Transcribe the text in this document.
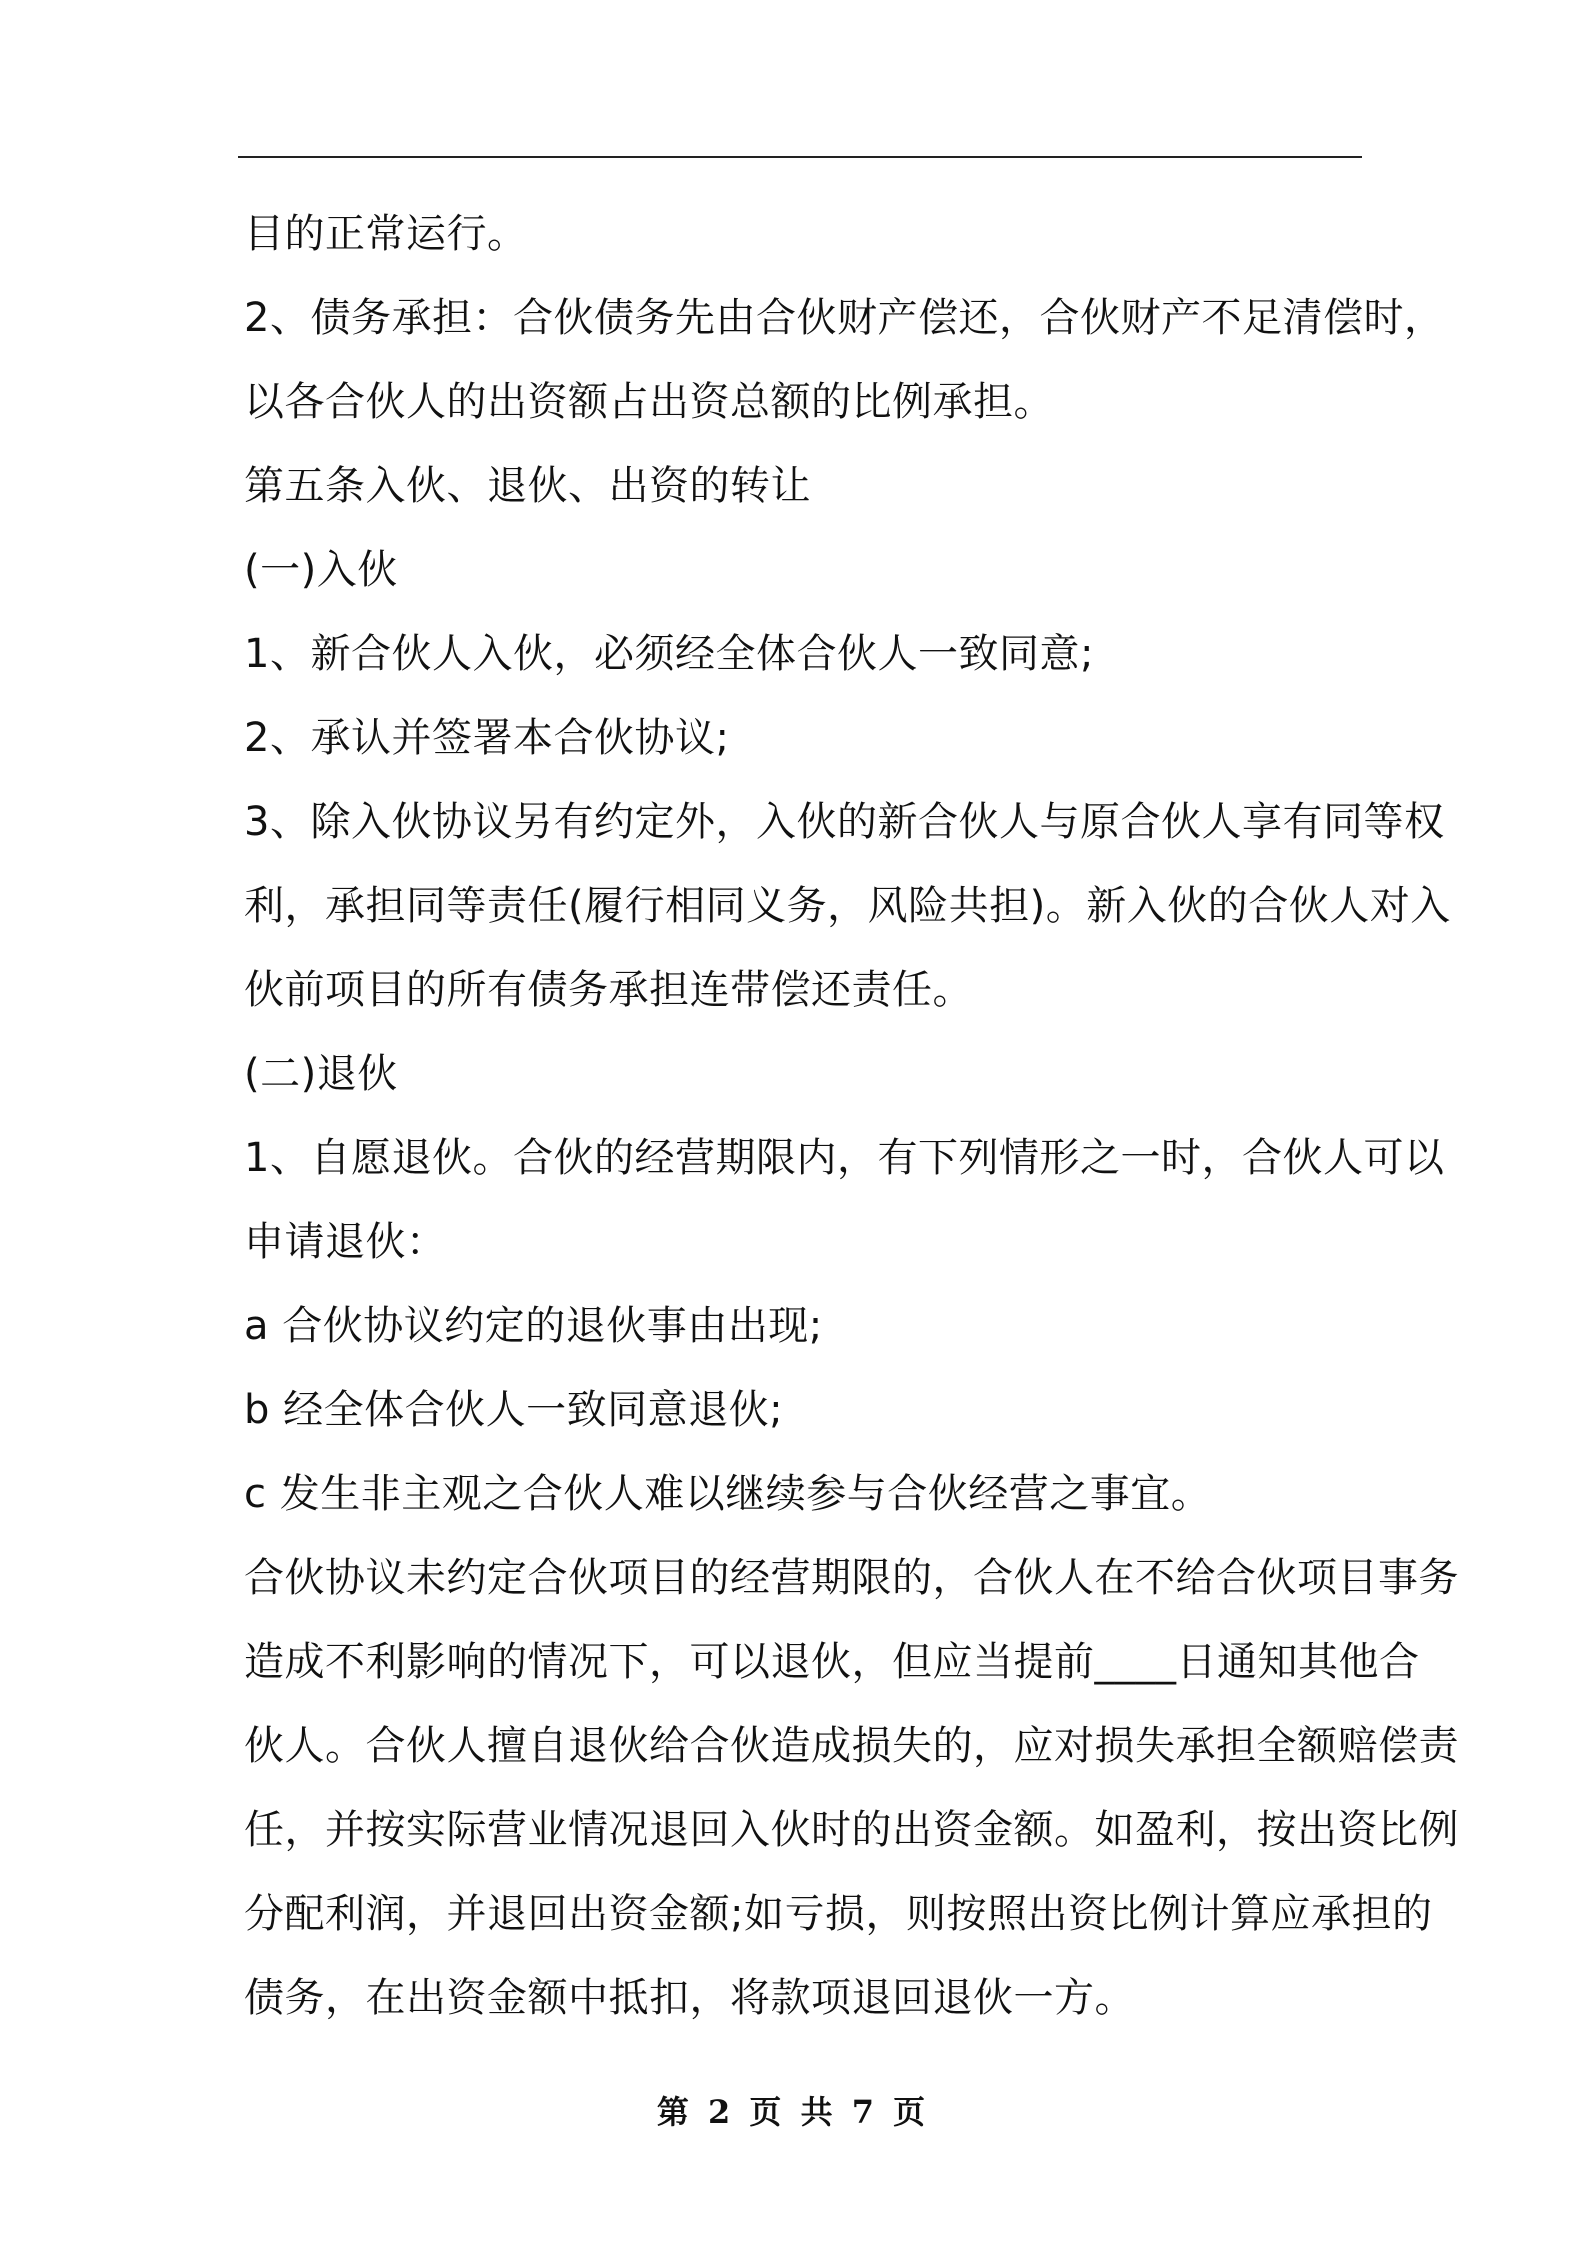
目的正常运行。
2、债务承担：合伙债务先由合伙财产偿还，合伙财产不足清偿时，
以各合伙人的出资额占出资总额的比例承担。
第五条入伙、退伙、出资的转让
(一)入伙
1、新合伙人入伙，必须经全体合伙人一致同意;
2、承认并签署本合伙协议;
3、除入伙协议另有约定外，入伙的新合伙人与原合伙人享有同等权
利，承担同等责任(履行相同义务，风险共担)。新入伙的合伙人对入
伙前项目的所有债务承担连带偿还责任。
(二)退伙
1、自愿退伙。合伙的经营期限内，有下列情形之一时，合伙人可以
申请退伙：
a 合伙协议约定的退伙事由出现;
b 经全体合伙人一致同意退伙;
c 发生非主观之合伙人难以继续参与合伙经营之事宜。
合伙协议未约定合伙项目的经营期限的，合伙人在不给合伙项目事务
造成不利影响的情况下，可以退伙，但应当提前____日通知其他合
伙人。合伙人擅自退伙给合伙造成损失的，应对损失承担全额赔偿责
任，并按实际营业情况退回入伙时的出资金额。如盈利，按出资比例
分配利润，并退回出资金额;如亏损，则按照出资比例计算应承担的
债务，在出资金额中抵扣，将款项退回退伙一方。
第 2 页 共 7 页
